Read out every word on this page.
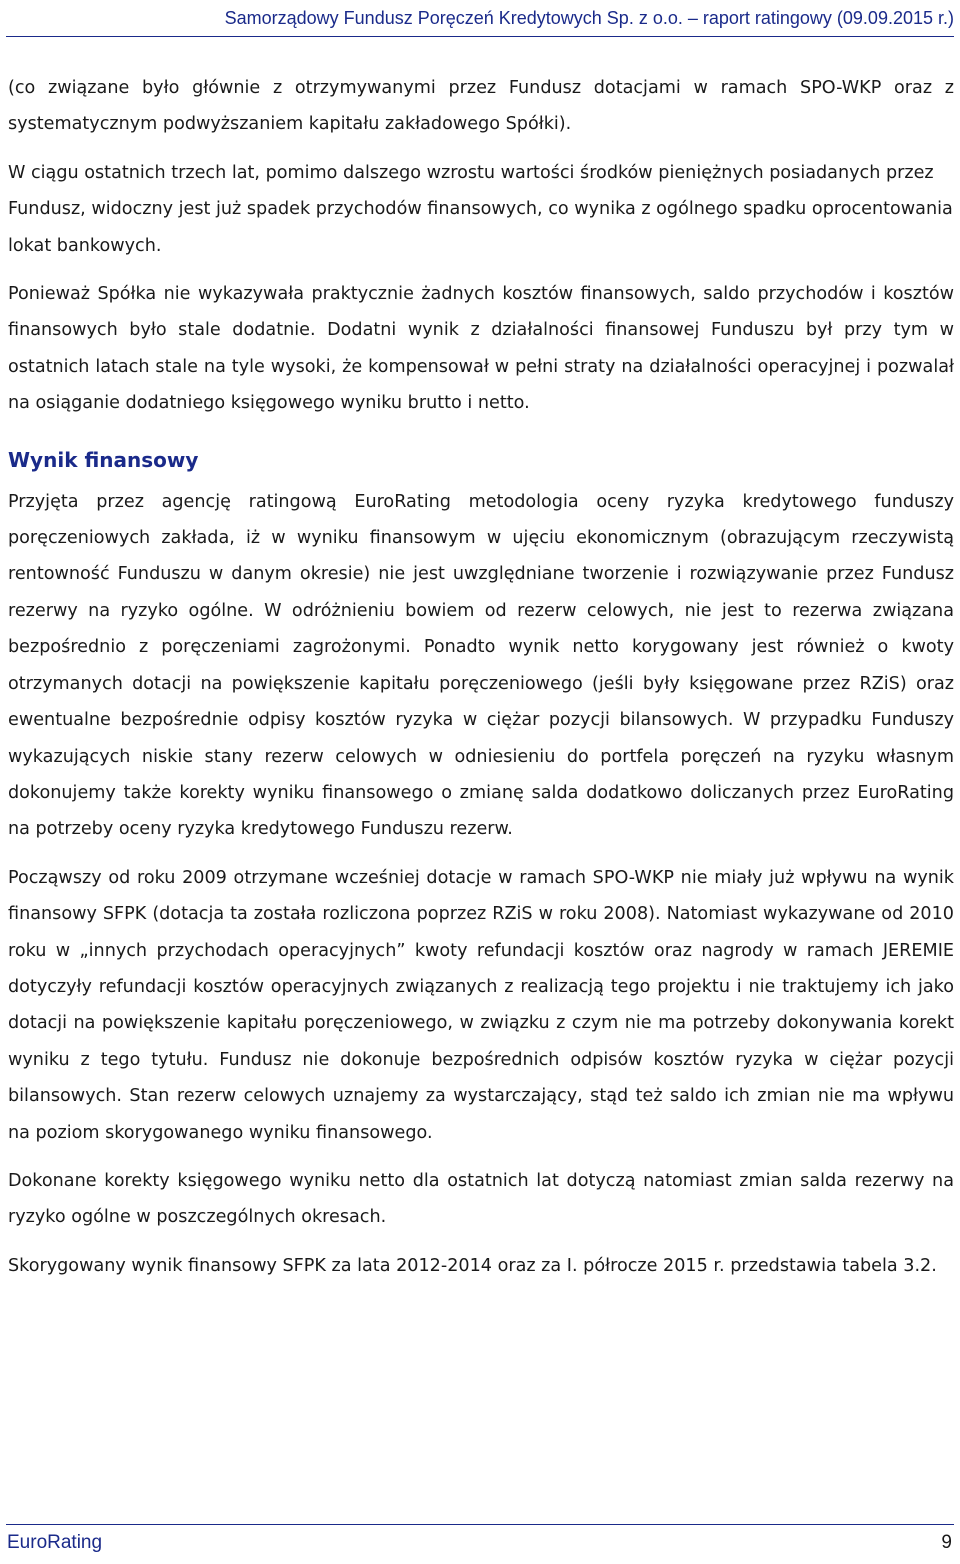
Samorządowy Fundusz Poręczeń Kredytowych Sp. z o.o. – raport ratingowy (09.09.2015 r.)

(co związane było głównie z otrzymywanymi przez Fundusz dotacjami w ramach SPO-WKP oraz z systematycznym podwyższaniem kapitału zakładowego Spółki).

W ciągu ostatnich trzech lat, pomimo dalszego wzrostu wartości środków pieniężnych posiadanych przez Fundusz, widoczny jest już spadek przychodów finansowych, co wynika z ogólnego spadku oprocentowania lokat bankowych.

Ponieważ Spółka nie wykazywała praktycznie żadnych kosztów finansowych, saldo przychodów i kosztów finansowych było stale dodatnie. Dodatni wynik z działalności finansowej Funduszu był przy tym w ostatnich latach stale na tyle wysoki, że kompensował w pełni straty na działalności operacyjnej i pozwalał na osiąganie dodatniego księgowego wyniku brutto i netto.

Wynik finansowy

Przyjęta przez agencję ratingową EuroRating metodologia oceny ryzyka kredytowego funduszy poręczeniowych zakłada, iż w wyniku finansowym w ujęciu ekonomicznym (obrazującym rzeczywistą rentowność Funduszu w danym okresie) nie jest uwzględniane tworzenie i rozwiązywanie przez Fundusz rezerwy na ryzyko ogólne. W odróżnieniu bowiem od rezerw celowych, nie jest to rezerwa związana bezpośrednio z poręczeniami zagrożonymi. Ponadto wynik netto korygowany jest również o kwoty otrzymanych dotacji na powiększenie kapitału poręczeniowego (jeśli były księgowane przez RZiS) oraz ewentualne bezpośrednie odpisy kosztów ryzyka w ciężar pozycji bilansowych. W przypadku Funduszy wykazujących niskie stany rezerw celowych w odniesieniu do portfela poręczeń na ryzyku własnym dokonujemy także korekty wyniku finansowego o zmianę salda dodatkowo doliczanych przez EuroRating na potrzeby oceny ryzyka kredytowego Funduszu rezerw.

Począwszy od roku 2009 otrzymane wcześniej dotacje w ramach SPO-WKP nie miały już wpływu na wynik finansowy SFPK (dotacja ta została rozliczona poprzez RZiS w roku 2008). Natomiast wykazywane od 2010 roku w „innych przychodach operacyjnych” kwoty refundacji kosztów oraz nagrody w ramach JEREMIE dotyczyły refundacji kosztów operacyjnych związanych z realizacją tego projektu i nie traktujemy ich jako dotacji na powiększenie kapitału poręczeniowego, w związku z czym nie ma potrzeby dokonywania korekt wyniku z tego tytułu. Fundusz nie dokonuje bezpośrednich odpisów kosztów ryzyka w ciężar pozycji bilansowych. Stan rezerw celowych uznajemy za wystarczający, stąd też saldo ich zmian nie ma wpływu na poziom skorygowanego wyniku finansowego.

Dokonane korekty księgowego wyniku netto dla ostatnich lat dotyczą natomiast zmian salda rezerwy na ryzyko ogólne w poszczególnych okresach.

Skorygowany wynik finansowy SFPK za lata 2012-2014 oraz za I. półrocze 2015 r. przedstawia tabela 3.2.

EuroRating	9
